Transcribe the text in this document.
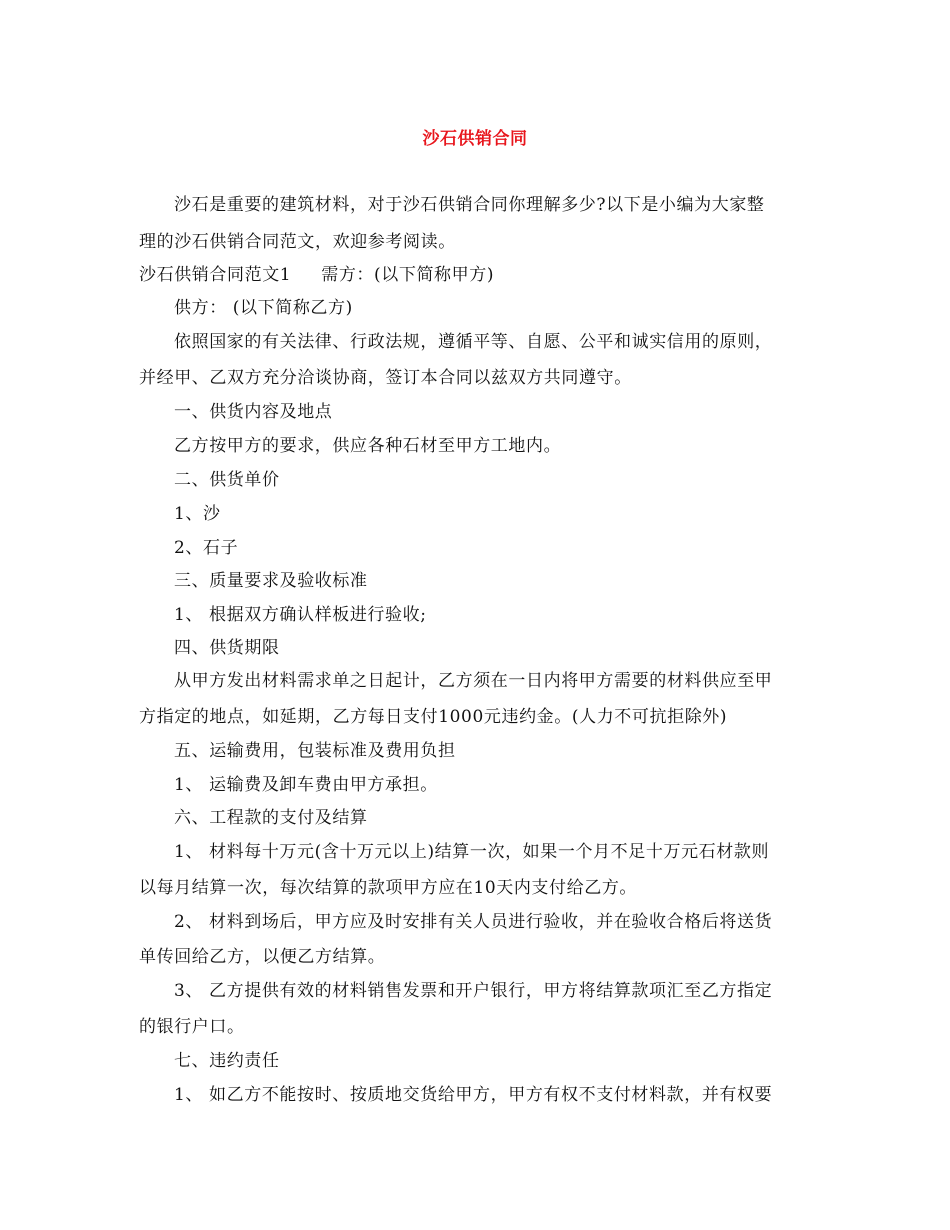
沙石供销合同
沙石是重要的建筑材料，对于沙石供销合同你理解多少?以下是小编为大家整
理的沙石供销合同范文，欢迎参考阅读。
沙石供销合同范文1 需方：(以下简称甲方)
供方： (以下简称乙方)
依照国家的有关法律、行政法规，遵循平等、自愿、公平和诚实信用的原则，
并经甲、乙双方充分洽谈协商，签订本合同以兹双方共同遵守。
一、供货内容及地点
乙方按甲方的要求，供应各种石材至甲方工地内。
二、供货单价
1、沙
2、石子
三、质量要求及验收标准
1、 根据双方确认样板进行验收;
四、供货期限
从甲方发出材料需求单之日起计，乙方须在一日内将甲方需要的材料供应至甲
方指定的地点，如延期，乙方每日支付1000元违约金。(人力不可抗拒除外)
五、运输费用，包装标准及费用负担
1、 运输费及卸车费由甲方承担。
六、工程款的支付及结算
1、 材料每十万元(含十万元以上)结算一次，如果一个月不足十万元石材款则
以每月结算一次，每次结算的款项甲方应在10天内支付给乙方。
2、 材料到场后，甲方应及时安排有关人员进行验收，并在验收合格后将送货
单传回给乙方，以便乙方结算。
3、 乙方提供有效的材料销售发票和开户银行，甲方将结算款项汇至乙方指定
的银行户口。
七、违约责任
1、 如乙方不能按时、按质地交货给甲方，甲方有权不支付材料款，并有权要
